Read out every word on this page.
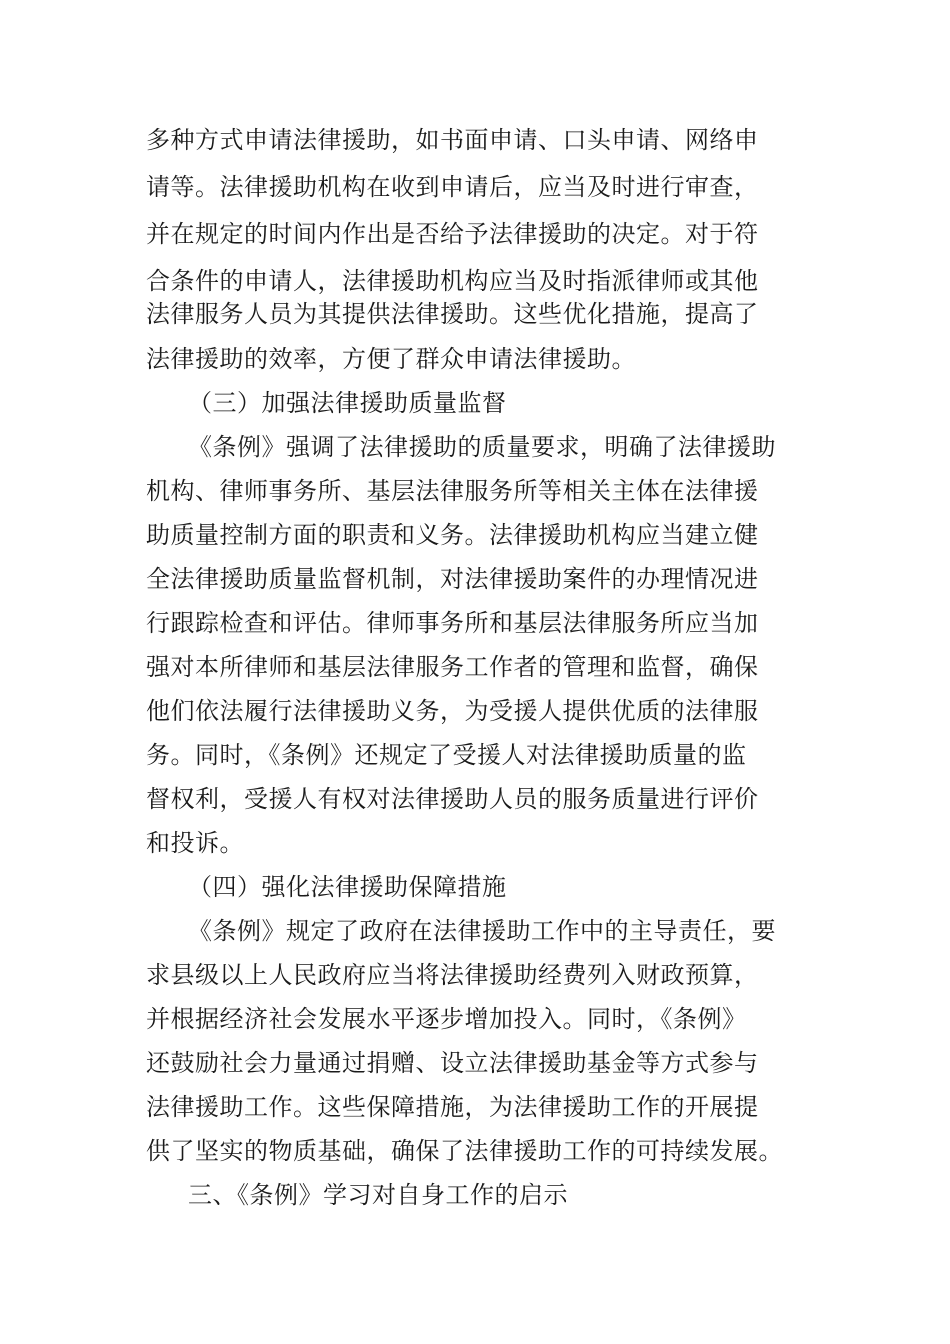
多种方式申请法律援助，如书面申请、口头申请、网络申
请等。法律援助机构在收到申请后，应当及时进行审查，
并在规定的时间内作出是否给予法律援助的决定。对于符
合条件的申请人，法律援助机构应当及时指派律师或其他
法律服务人员为其提供法律援助。这些优化措施，提高了
法律援助的效率，方便了群众申请法律援助。
（三）加强法律援助质量监督
《条例》强调了法律援助的质量要求，明确了法律援助
机构、律师事务所、基层法律服务所等相关主体在法律援
助质量控制方面的职责和义务。法律援助机构应当建立健
全法律援助质量监督机制，对法律援助案件的办理情况进
行跟踪检查和评估。律师事务所和基层法律服务所应当加
强对本所律师和基层法律服务工作者的管理和监督，确保
他们依法履行法律援助义务，为受援人提供优质的法律服
务。同时，《条例》还规定了受援人对法律援助质量的监
督权利，受援人有权对法律援助人员的服务质量进行评价
和投诉。
（四）强化法律援助保障措施
《条例》规定了政府在法律援助工作中的主导责任，要
求县级以上人民政府应当将法律援助经费列入财政预算，
并根据经济社会发展水平逐步增加投入。同时，《条例》
还鼓励社会力量通过捐赠、设立法律援助基金等方式参与
法律援助工作。这些保障措施，为法律援助工作的开展提
供了坚实的物质基础，确保了法律援助工作的可持续发展。
三、《条例》学习对自身工作的启示
